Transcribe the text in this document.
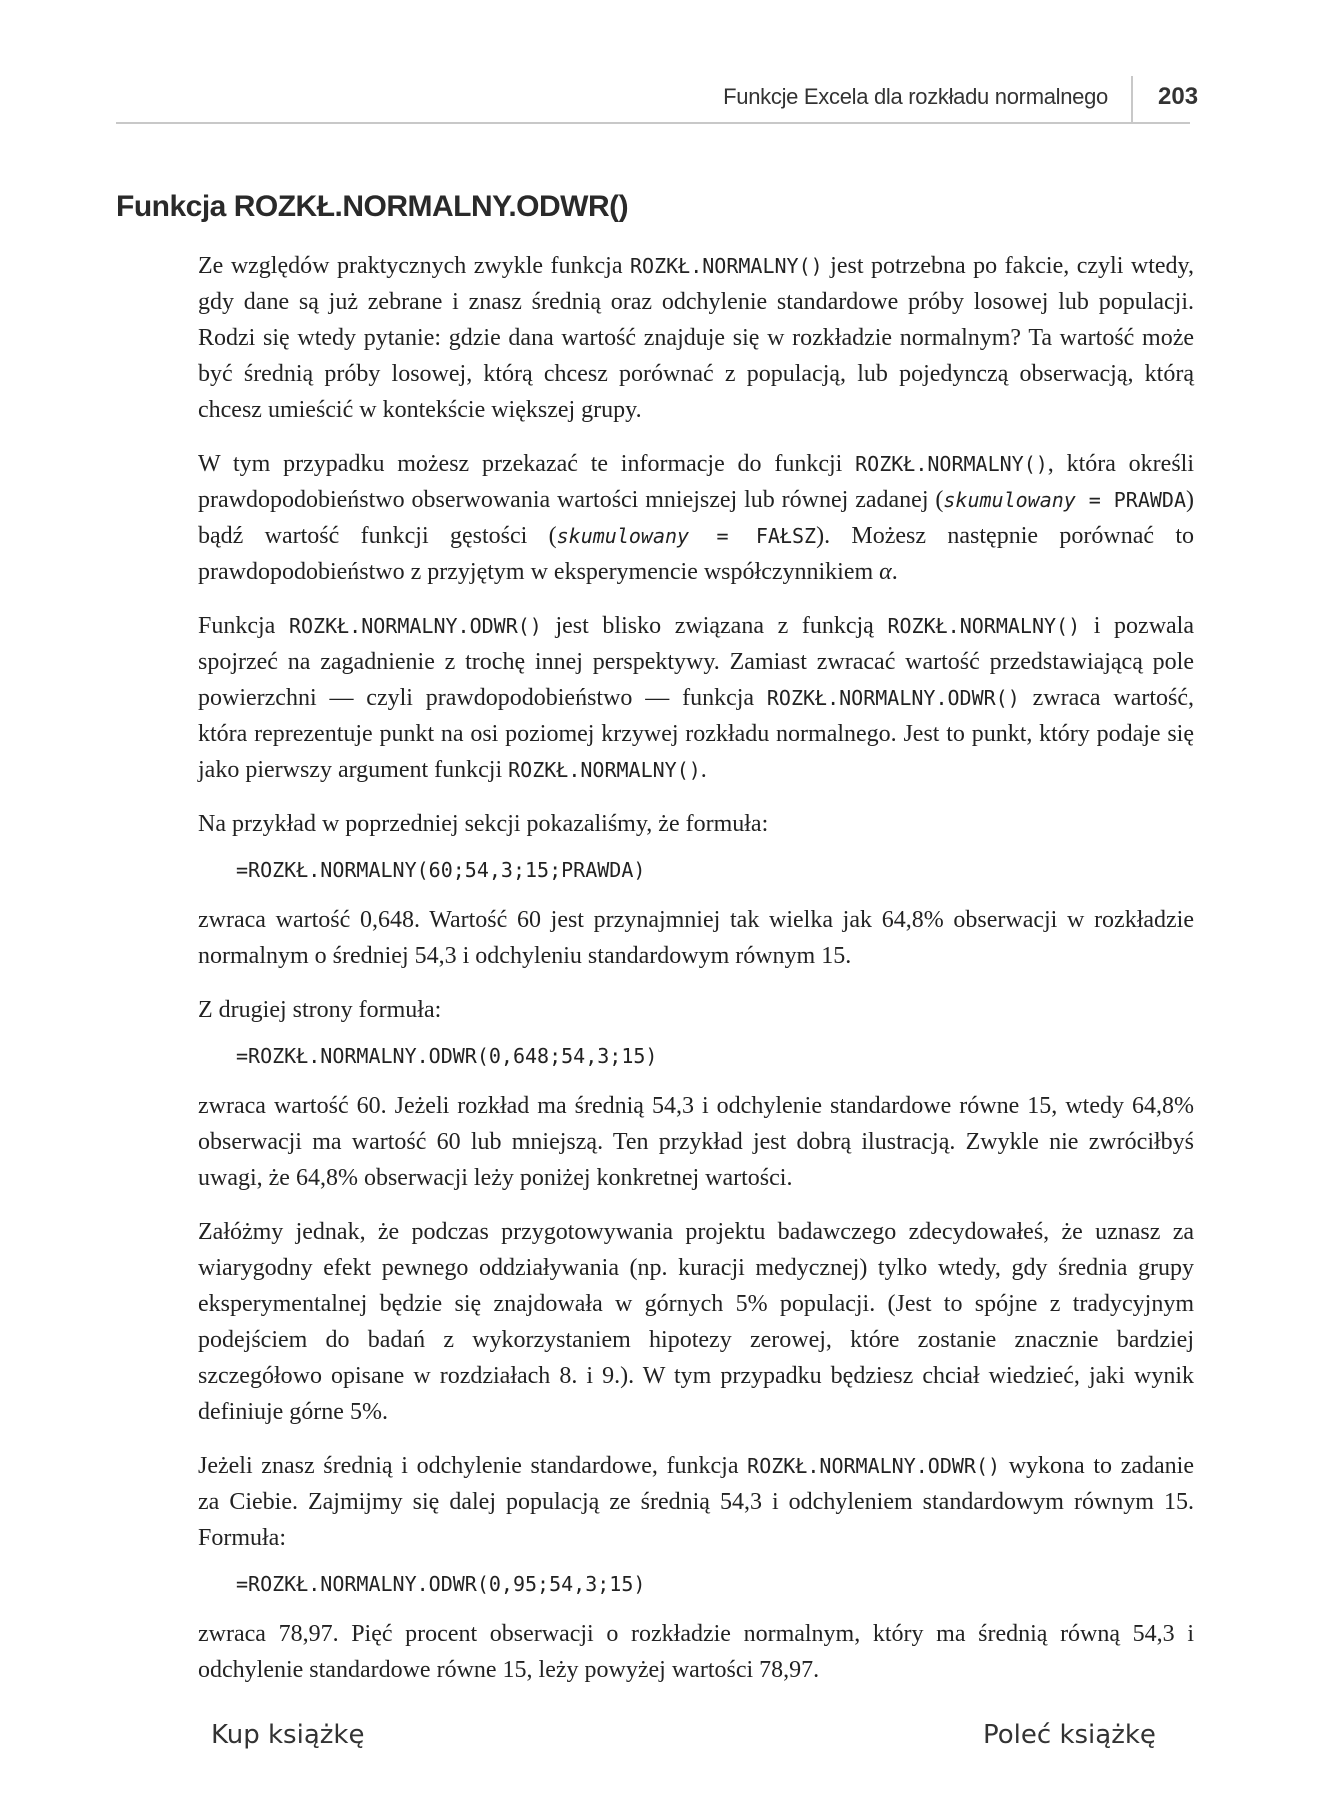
Funkcje Excela dla rozkładu normalnego 203
Funkcja ROZKŁ.NORMALNY.ODWR()

Ze względów praktycznych zwykle funkcja ROZKŁ.NORMALNY() jest potrzebna po fakcie, czyli wtedy, gdy dane są już zebrane i znasz średnią oraz odchylenie standardowe próby losowej lub populacji. Rodzi się wtedy pytanie: gdzie dana wartość znajduje się w rozkładzie normalnym? Ta wartość może być średnią próby losowej, którą chcesz porównać z populacją, lub pojedynczą obserwacją, którą chcesz umieścić w kontekście większej grupy.

W tym przypadku możesz przekazać te informacje do funkcji ROZKŁ.NORMALNY(), która określi prawdopodobieństwo obserwowania wartości mniejszej lub równej zadanej (skumulowany = PRAWDA) bądź wartość funkcji gęstości (skumulowany = FAŁSZ). Możesz następnie porównać to prawdopodobieństwo z przyjętym w eksperymencie współczynnikiem α.

Funkcja ROZKŁ.NORMALNY.ODWR() jest blisko związana z funkcją ROZKŁ.NORMALNY() i pozwala spojrzeć na zagadnienie z trochę innej perspektywy. Zamiast zwracać wartość przedstawiającą pole powierzchni — czyli prawdopodobieństwo — funkcja ROZKŁ.NORMALNY.ODWR() zwraca wartość, która reprezentuje punkt na osi poziomej krzywej rozkładu normalnego. Jest to punkt, który podaje się jako pierwszy argument funkcji ROZKŁ.NORMALNY().

Na przykład w poprzedniej sekcji pokazaliśmy, że formuła:

=ROZKŁ.NORMALNY(60;54,3;15;PRAWDA)

zwraca wartość 0,648. Wartość 60 jest przynajmniej tak wielka jak 64,8% obserwacji w rozkładzie normalnym o średniej 54,3 i odchyleniu standardowym równym 15.

Z drugiej strony formuła:

=ROZKŁ.NORMALNY.ODWR(0,648;54,3;15)

zwraca wartość 60. Jeżeli rozkład ma średnią 54,3 i odchylenie standardowe równe 15, wtedy 64,8% obserwacji ma wartość 60 lub mniejszą. Ten przykład jest dobrą ilustracją. Zwykle nie zwróciłbyś uwagi, że 64,8% obserwacji leży poniżej konkretnej wartości.

Załóżmy jednak, że podczas przygotowywania projektu badawczego zdecydowałeś, że uznasz za wiarygodny efekt pewnego oddziaływania (np. kuracji medycznej) tylko wtedy, gdy średnia grupy eksperymentalnej będzie się znajdowała w górnych 5% populacji. (Jest to spójne z tradycyjnym podejściem do badań z wykorzystaniem hipotezy zerowej, które zostanie znacznie bardziej szczegółowo opisane w rozdziałach 8. i 9.). W tym przypadku będziesz chciał wiedzieć, jaki wynik definiuje górne 5%.

Jeżeli znasz średnią i odchylenie standardowe, funkcja ROZKŁ.NORMALNY.ODWR() wykona to zadanie za Ciebie. Zajmijmy się dalej populacją ze średnią 54,3 i odchyleniem standardowym równym 15. Formuła:

=ROZKŁ.NORMALNY.ODWR(0,95;54,3;15)

zwraca 78,97. Pięć procent obserwacji o rozkładzie normalnym, który ma średnią równą 54,3 i odchylenie standardowe równe 15, leży powyżej wartości 78,97.

Kup książkę	Poleć książkę
